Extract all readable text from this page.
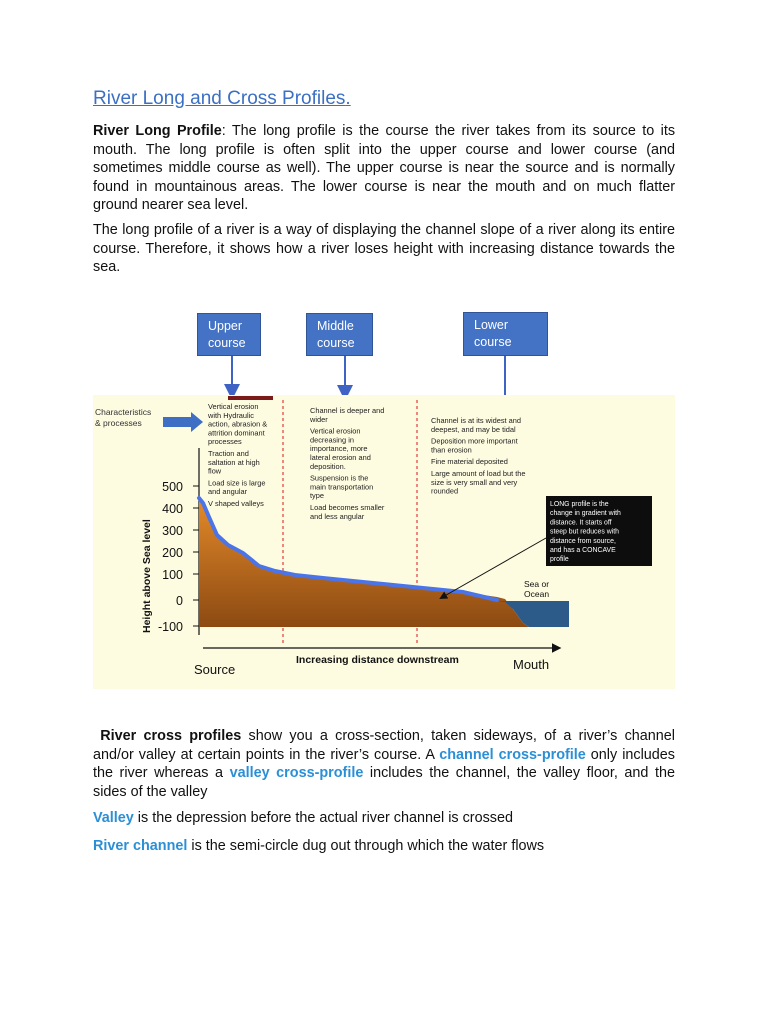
River Long and Cross Profiles.

River Long Profile: The long profile is the course the river takes from its source to its mouth. The long profile is often split into the upper course and lower course (and sometimes middle course as well). The upper course is near the source and is normally found in mountainous areas. The lower course is near the mouth and on much flatter ground nearer sea level.

The long profile of a river is a way of displaying the channel slope of a river along its entire course. Therefore, it shows how a river loses height with increasing distance towards the sea.

Upper
course
Middle
course
Lower
course
Characteristics
& processes
Vertical erosion
with Hydraulic
action, abrasion &
attrition dominant
processes
Traction and
saltation at high
flow
Load size is large
and angular
V shaped valleys
Channel is deeper and
wider
Vertical erosion
decreasing in
importance, more
lateral erosion and
deposition.
Suspension is the
main transportation
type
Load becomes smaller
and less angular
Channel is at its widest and
deepest, and may be tidal
Deposition more important
than erosion
Fine material deposited
Large amount of load but the
size is very small and very
rounded
500
400
300
200
100
0
-100
Height above Sea level
LONG profile is the
change in gradient with
distance. It starts off
steep but reduces with
distance from source,
and has a CONCAVE
profile
Sea or
Ocean
Increasing distance downstream
Source	Mouth

River cross profiles show you a cross-section, taken sideways, of a river’s channel and/or valley at certain points in the river’s course. A channel cross-profile only includes the river whereas a valley cross-profile includes the channel, the valley floor, and the sides of the valley

Valley is the depression before the actual river channel is crossed

River channel is the semi-circle dug out through which the water flows
